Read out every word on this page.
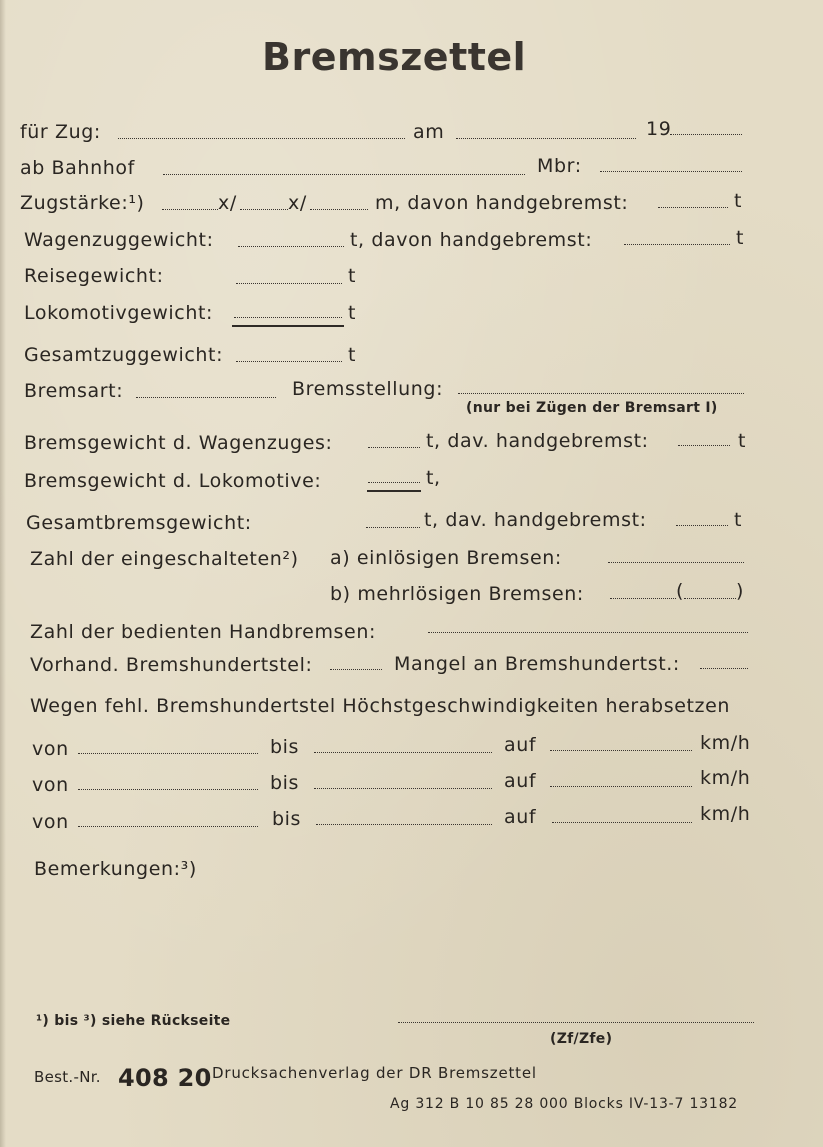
Bremszettel
für Zug:	am	19
ab Bahnhof	Mbr:
Zugstärke:¹)	x/	x/	m, davon handgebremst:	t
Wagenzuggewicht:	t, davon handgebremst:	t
Reisegewicht:	t
Lokomotivgewicht:	t
Gesamtzuggewicht:	t
Bremsart:	Bremsstellung:
(nur bei Zügen der Bremsart I)
Bremsgewicht d. Wagenzuges:	t, dav. handgebremst:	t
Bremsgewicht d. Lokomotive:	t,
Gesamtbremsgewicht:	t, dav. handgebremst:	t
Zahl der eingeschalteten²) a) einlösigen Bremsen:
b) mehrlösigen Bremsen:	(	)
Zahl der bedienten Handbremsen:
Vorhand. Bremshundertstel:	Mangel an Bremshundertst.:
Wegen fehl. Bremshundertstel Höchstgeschwindigkeiten herabsetzen
von	bis	auf	km/h
von	bis	auf	km/h
von	bis	auf	km/h
Bemerkungen:³)
¹) bis ³) siehe Rückseite
(Zf/Zfe)
Best.-Nr. 408 20 Drucksachenverlag der DR Bremszettel
Ag 312 B 10 85 28 000 Blocks IV-13-7 13182
